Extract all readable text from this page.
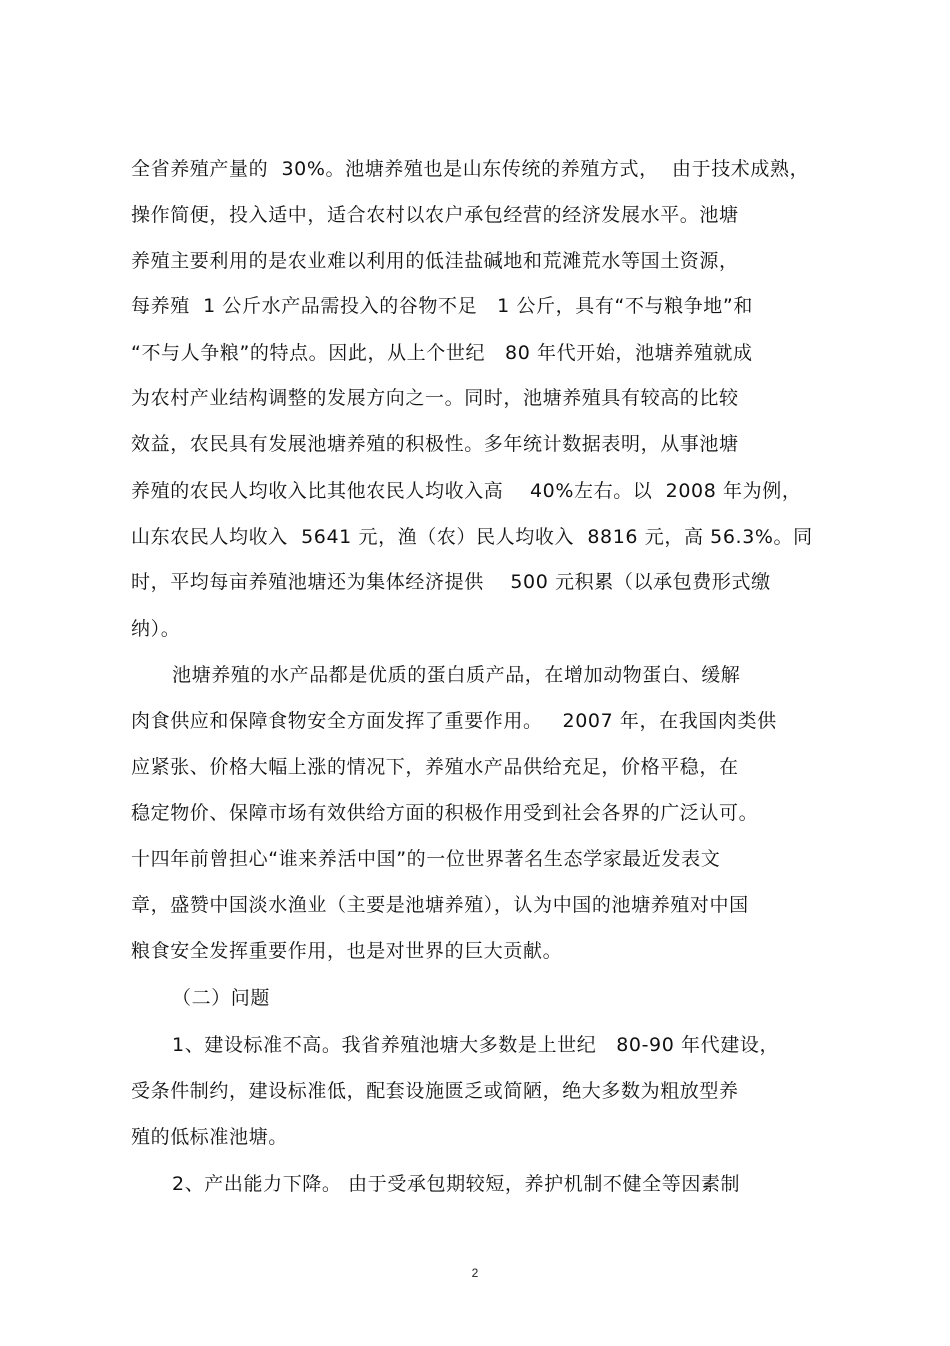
全省养殖产量的  30%。池塘养殖也是山东传统的养殖方式，  由于技术成熟，
操作简便，投入适中，适合农村以农户承包经营的经济发展水平。池塘
养殖主要利用的是农业难以利用的低洼盐碱地和荒滩荒水等国土资源，
每养殖  1 公斤水产品需投入的谷物不足   1 公斤，具有“不与粮争地”和
“不与人争粮”的特点。因此，从上个世纪   80 年代开始，池塘养殖就成
为农村产业结构调整的发展方向之一。同时，池塘养殖具有较高的比较
效益，农民具有发展池塘养殖的积极性。多年统计数据表明，从事池塘
养殖的农民人均收入比其他农民人均收入高    40%左右。以  2008 年为例，
山东农民人均收入  5641 元，渔（农）民人均收入  8816 元，高 56.3%。同
时，平均每亩养殖池塘还为集体经济提供    500 元积累（以承包费形式缴
纳）。
池塘养殖的水产品都是优质的蛋白质产品，在增加动物蛋白、缓解
肉食供应和保障食物安全方面发挥了重要作用。   2007 年，在我国肉类供
应紧张、价格大幅上涨的情况下，养殖水产品供给充足，价格平稳，在
稳定物价、保障市场有效供给方面的积极作用受到社会各界的广泛认可。
十四年前曾担心“谁来养活中国”的一位世界著名生态学家最近发表文
章，盛赞中国淡水渔业（主要是池塘养殖），认为中国的池塘养殖对中国
粮食安全发挥重要作用，也是对世界的巨大贡献。
（二）问题
1、建设标准不高。我省养殖池塘大多数是上世纪   80-90 年代建设，
受条件制约，建设标准低，配套设施匮乏或简陋，绝大多数为粗放型养
殖的低标准池塘。
2、产出能力下降。 由于受承包期较短，养护机制不健全等因素制
2
